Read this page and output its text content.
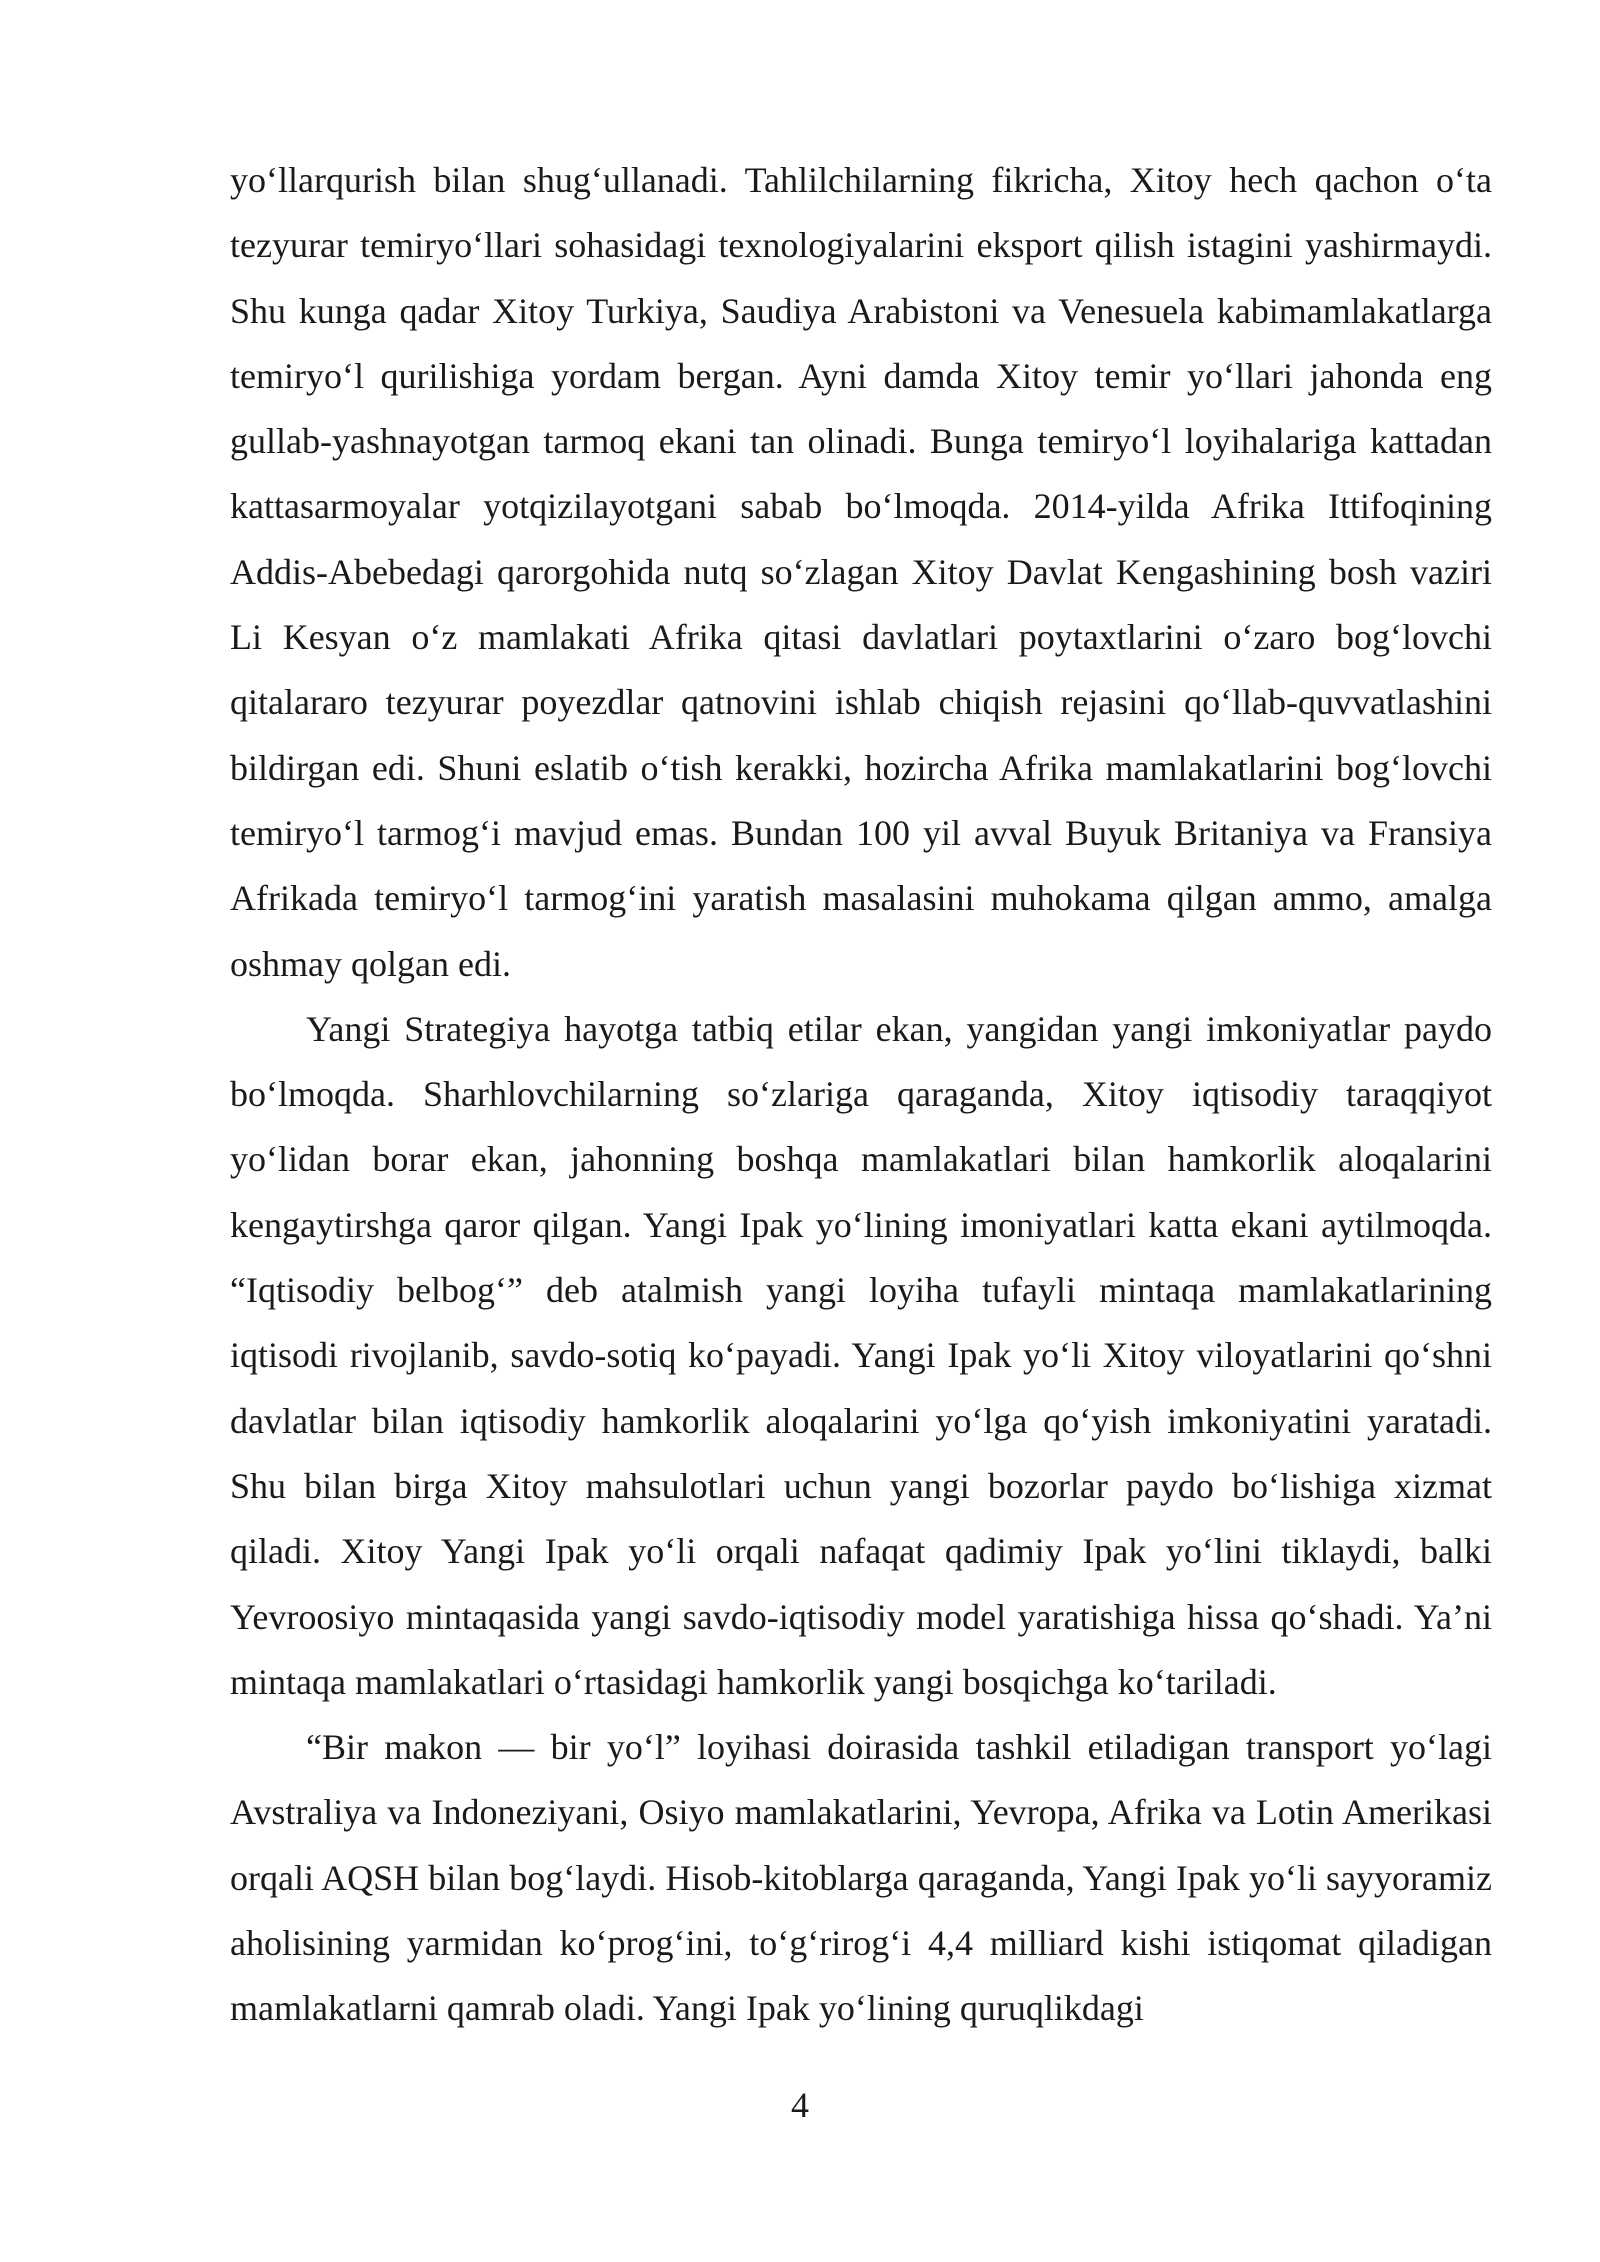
yo‘llarqurish bilan shug‘ullanadi. Tahlilchilarning fikricha, Xitoy hech qachon o‘ta tezyurar temiryo‘llari sohasidagi texnologiyalarini eksport qilish istagini yashirmaydi. Shu kunga qadar Xitoy Turkiya, Saudiya Arabistoni va Venesuela kabimamlakatlarga temiryo‘l qurilishiga yordam bergan. Ayni damda Xitoy temir yo‘llari jahonda eng gullab-yashnayotgan tarmoq ekani tan olinadi. Bunga temiryo‘l loyihalariga kattadan kattasarmoyalar yotqizilayotgani sabab bo‘lmoqda. 2014-yilda Afrika Ittifoqining Addis-Abebedagi qarorgohida nutq so‘zlagan Xitoy Davlat Kengashining bosh vaziri Li Kesyan o‘z mamlakati Afrika qitasi davlatlari poytaxtlarini o‘zaro bog‘lovchi qitalararo tezyurar poyezdlar qatnovini ishlab chiqish rejasini qo‘llab-quvvatlashini bildirgan edi. Shuni eslatib o‘tish kerakki, hozircha Afrika mamlakatlarini bog‘lovchi temiryo‘l tarmog‘i mavjud emas. Bundan 100 yil avval Buyuk Britaniya va Fransiya Afrikada temiryo‘l tarmog‘ini yaratish masalasini muhokama qilgan ammo, amalga oshmay qolgan edi.

Yangi Strategiya hayotga tatbiq etilar ekan, yangidan yangi imkoniyatlar paydo bo‘lmoqda. Sharhlovchilarning so‘zlariga qaraganda, Xitoy iqtisodiy taraqqiyot yo‘lidan borar ekan, jahonning boshqa mamlakatlari bilan hamkorlik aloqalarini kengaytirshga qaror qilgan. Yangi Ipak yo‘lining imoniyatlari katta ekani aytilmoqda. “Iqtisodiy belbog‘” deb atalmish yangi loyiha tufayli mintaqa mamlakatlarining iqtisodi rivojlanib, savdo-sotiq ko‘payadi. Yangi Ipak yo‘li Xitoy viloyatlarini qo‘shni davlatlar bilan iqtisodiy hamkorlik aloqalarini yo‘lga qo‘yish imkoniyatini yaratadi. Shu bilan birga Xitoy mahsulotlari uchun yangi bozorlar paydo bo‘lishiga xizmat qiladi. Xitoy Yangi Ipak yo‘li orqali nafaqat qadimiy Ipak yo‘lini tiklaydi, balki Yevroosiyo mintaqasida yangi savdo-iqtisodiy model yaratishiga hissa qo‘shadi. Ya’ni mintaqa mamlakatlari o‘rtasidagi hamkorlik yangi bosqichga ko‘tariladi.

“Bir makon — bir yo‘l” loyihasi doirasida tashkil etiladigan transport yo‘lagi Avstraliya va Indoneziyani, Osiyo mamlakatlarini, Yevropa, Afrika va Lotin Amerikasi orqali AQSH bilan bog‘laydi. Hisob-kitoblarga qaraganda, Yangi Ipak yo‘li sayyoramiz aholisining yarmidan ko‘prog‘ini, to‘g‘rirog‘i 4,4 milliard kishi istiqomat qiladigan mamlakatlarni qamrab oladi. Yangi Ipak yo‘lining quruqlikdagi

4
